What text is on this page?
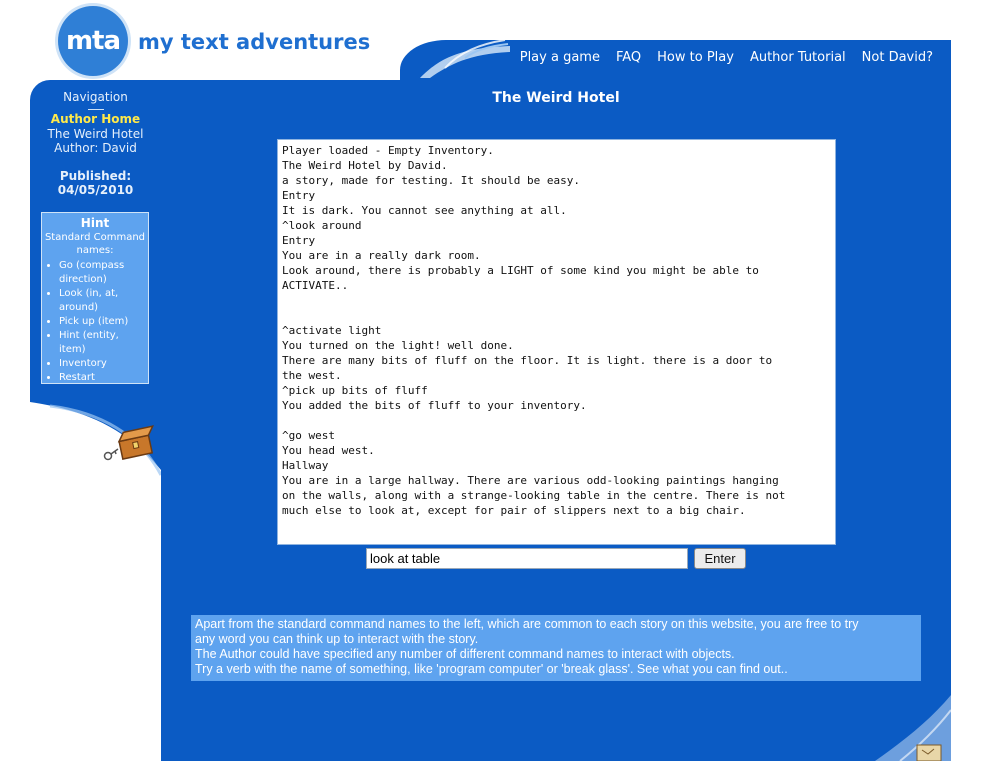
mta my text adventures
Play a game	FAQ	How to Play	Author Tutorial	Not David?
Navigation
Author Home
The Weird Hotel
Author: David
Published:
04/05/2010
Hint
Standard Command names:
• Go (compass direction)
• Look (in, at, around)
• Pick up (item)
• Hint (entity, item)
• Inventory
• Restart
The Weird Hotel
Player loaded - Empty Inventory.
The Weird Hotel by David.
a story, made for testing. It should be easy.
Entry
It is dark. You cannot see anything at all.
^look around
Entry
You are in a really dark room.
Look around, there is probably a LIGHT of some kind you might be able to
ACTIVATE..

^activate light
You turned on the light! well done.
There are many bits of fluff on the floor. It is light. there is a door to
the west.
^pick up bits of fluff
You added the bits of fluff to your inventory.

^go west
You head west.
Hallway
You are in a large hallway. There are various odd-looking paintings hanging
on the walls, along with a strange-looking table in the centre. There is not
much else to look at, except for pair of slippers next to a big chair.
look at table
Enter
Apart from the standard command names to the left, which are common to each story on this website, you are free to try
any word you can think up to interact with the story.
The Author could have specified any number of different command names to interact with objects.
Try a verb with the name of something, like 'program computer' or 'break glass'. See what you can find out..
